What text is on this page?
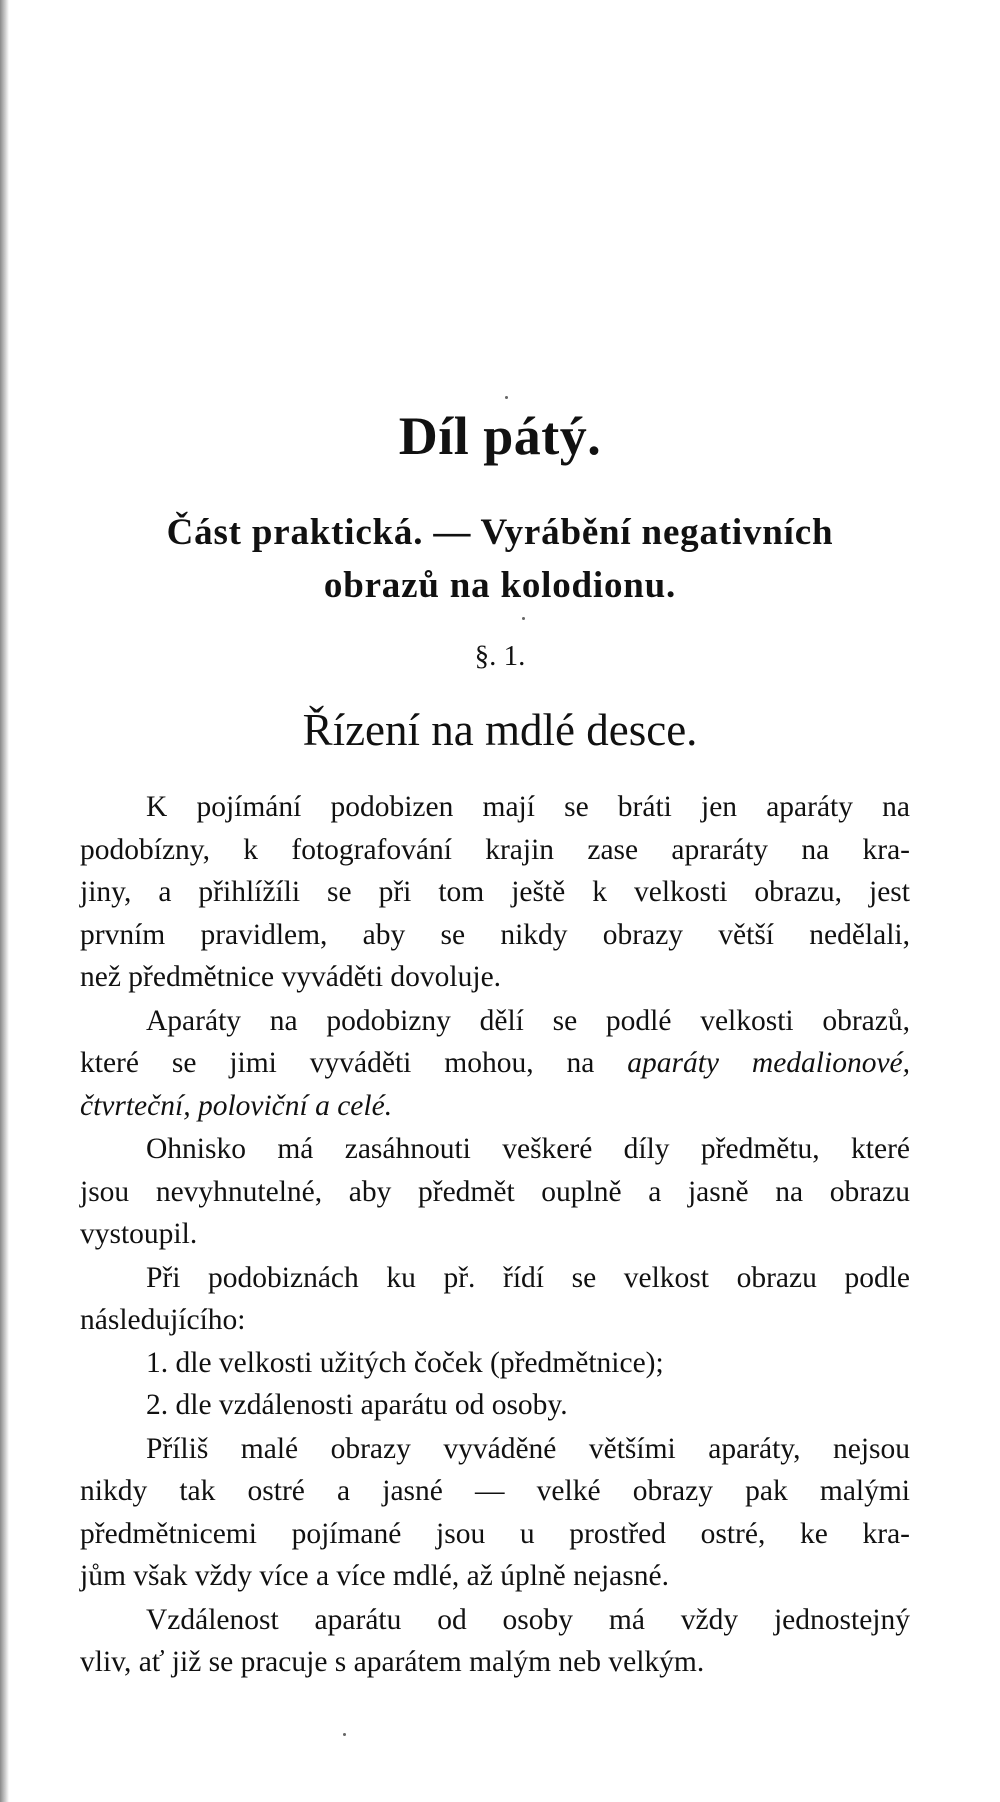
Díl pátý.
Část praktická. — Vyrábění negativních
obrazů na kolodionu.
§. 1.
Řízení na mdlé desce.
K pojímání podobizen mají se bráti jen aparáty na
podobízny, k fotografování krajin zase apraráty na kra-
jiny, a přihlížíli se při tom ještě k velkosti obrazu, jest
prvním pravidlem, aby se nikdy obrazy větší nedělali,
než předmětnice vyváděti dovoluje.
Aparáty na podobizny dělí se podlé velkosti obrazů,
které se jimi vyváděti mohou, na aparáty medalionové,
čtvrteční, poloviční a celé.
Ohnisko má zasáhnouti veškeré díly předmětu, které
jsou nevyhnutelné, aby předmět ouplně a jasně na obrazu
vystoupil.
Při podobiznách ku př. řídí se velkost obrazu podle
následujícího:
1. dle velkosti užitých čoček (předmětnice);
2. dle vzdálenosti aparátu od osoby.
Příliš malé obrazy vyváděné většími aparáty, nejsou
nikdy tak ostré a jasné — velké obrazy pak malými
předmětnicemi pojímané jsou u prostřed ostré, ke kra-
jům však vždy více a více mdlé, až úplně nejasné.
Vzdálenost aparátu od osoby má vždy jednostejný
vliv, ať již se pracuje s aparátem malým neb velkým.
